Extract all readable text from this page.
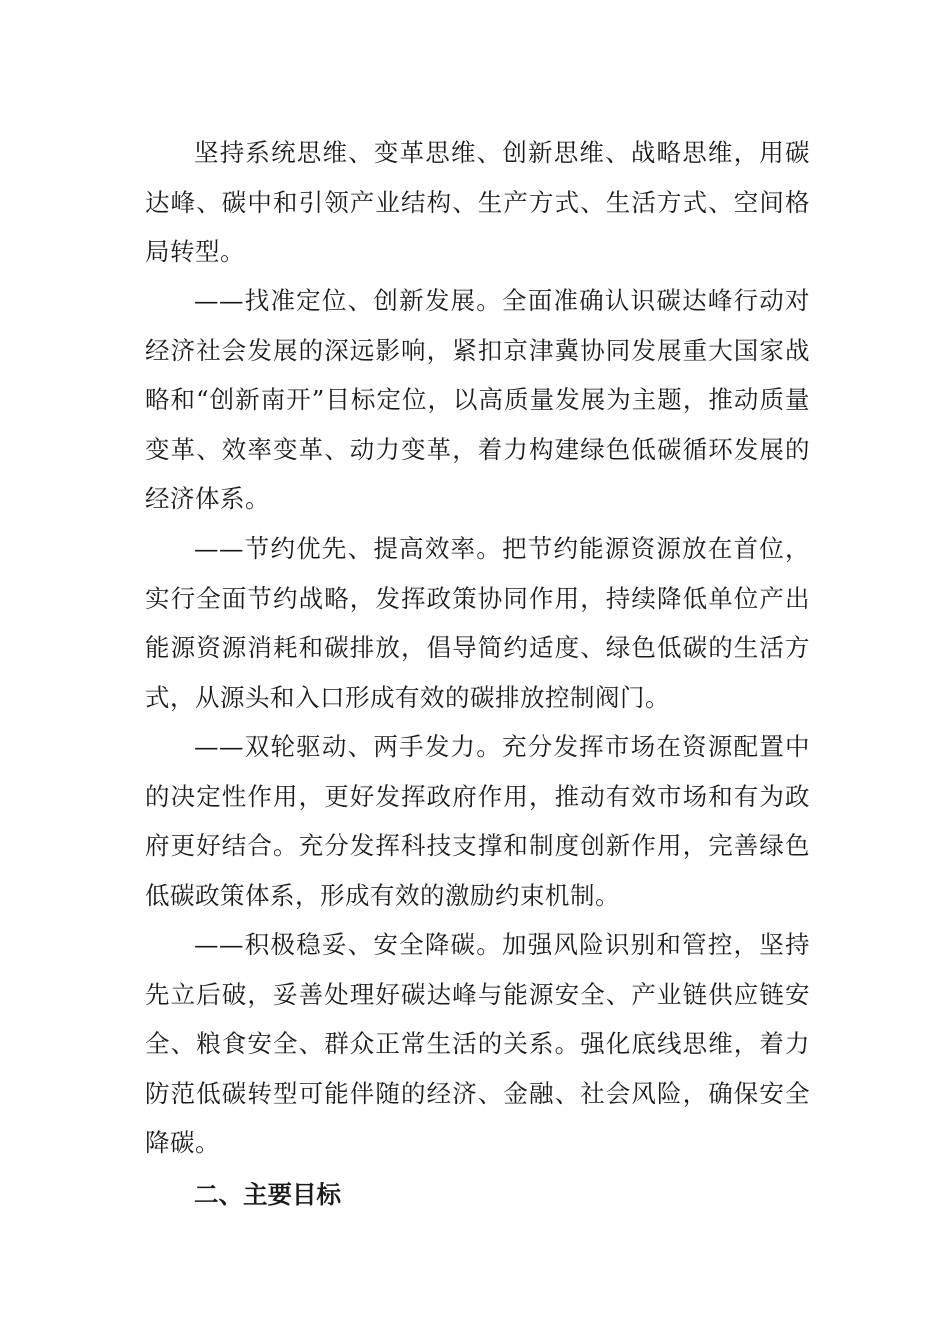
坚持系统思维、变革思维、创新思维、战略思维，用碳达峰、碳中和引领产业结构、生产方式、生活方式、空间格局转型。

——找准定位、创新发展。全面准确认识碳达峰行动对经济社会发展的深远影响，紧扣京津冀协同发展重大国家战略和“创新南开”目标定位，以高质量发展为主题，推动质量变革、效率变革、动力变革，着力构建绿色低碳循环发展的经济体系。

——节约优先、提高效率。把节约能源资源放在首位，实行全面节约战略，发挥政策协同作用，持续降低单位产出能源资源消耗和碳排放，倡导简约适度、绿色低碳的生活方式，从源头和入口形成有效的碳排放控制阀门。

——双轮驱动、两手发力。充分发挥市场在资源配置中的决定性作用，更好发挥政府作用，推动有效市场和有为政府更好结合。充分发挥科技支撑和制度创新作用，完善绿色低碳政策体系，形成有效的激励约束机制。

——积极稳妥、安全降碳。加强风险识别和管控，坚持先立后破，妥善处理好碳达峰与能源安全、产业链供应链安全、粮食安全、群众正常生活的关系。强化底线思维，着力防范低碳转型可能伴随的经济、金融、社会风险，确保安全降碳。

二、主要目标
